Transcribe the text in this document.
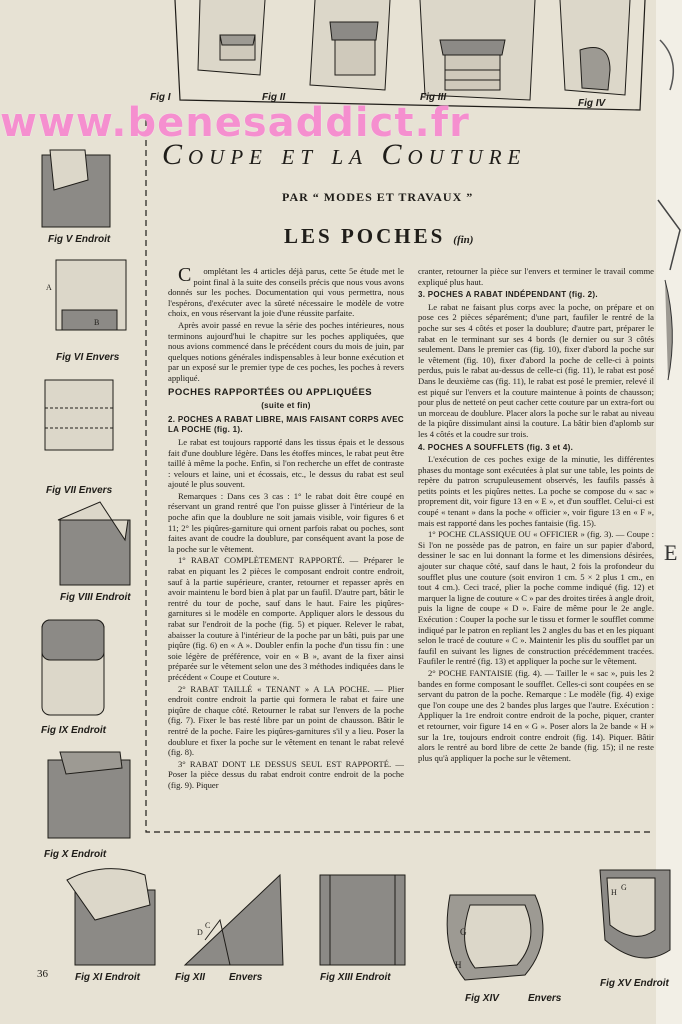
Fig I	Fig II	Fig III
Fig IV
E
A
B
Fig V Endroit
Fig VI Envers
Fig VII Envers
Fig VIII Endroit
Fig IX Endroit
Fig X Endroit
www.benesaddict.fr
Coupe et la Couture
PAR “ MODES ET TRAVAUX ”
LES POCHES (fin)

Complétant les 4 articles déjà parus, cette 5e étude met le point final à la suite des conseils précis que nous vous avons donnés sur les poches. Documentation qui vous permettra, nous l'espérons, d'exécuter avec la sûreté nécessaire le modèle de votre choix, en vous réservant la joie d'une réussite parfaite.

Après avoir passé en revue la série des poches intérieures, nous terminons aujourd'hui le chapitre sur les poches appliquées, que nous avions commencé dans le précédent cours du mois de juin, par quelques notions générales indispensables à leur bonne exécution et par un exposé sur le premier type de ces poches, les poches à revers appliqué.

POCHES RAPPORTÉES OU APPLIQUÉES

(suite et fin)

2. POCHES A RABAT LIBRE, MAIS FAISANT CORPS AVEC LA POCHE (fig. 1).

Le rabat est toujours rapporté dans les tissus épais et le dessous fait d'une doublure légère. Dans les étoffes minces, le rabat peut être taillé à même la poche. Enfin, si l'on recherche un effet de contraste : velours et laine, uni et écossais, etc., le dessus du rabat est seul ajouté le plus souvent.

Remarques : Dans ces 3 cas : 1° le rabat doit être coupé en réservant un grand rentré que l'on puisse glisser à l'intérieur de la poche afin que la doublure ne soit jamais visible, voir figures 6 et 11; 2° les piqûres-garniture qui ornent parfois rabat ou poches, sont faites avant de coudre la doublure, par conséquent avant la pose de la poche sur le vêtement.

1° RABAT COMPLÈTEMENT RAPPORTÉ. — Préparer le rabat en piquant les 2 pièces le composant endroit contre endroit, sauf à la partie supérieure, cranter, retourner et repasser après en avoir maintenu le bord bien à plat par un faufil. D'autre part, bâtir le rentré du tour de poche, sauf dans le haut. Faire les piqûres-garnitures si le modèle en comporte. Appliquer alors le dessous du rabat sur l'endroit de la poche (fig. 5) et piquer. Relever le rabat, abaisser la couture à l'intérieur de la poche par un bâti, puis par une piqûre (fig. 6) en « A ». Doubler enfin la poche d'un tissu fin : une soie légère de préférence, voir en « B », avant de la fixer ainsi préparée sur le vêtement selon une des 3 méthodes indiquées dans le précédent « Coupe et Couture ».

2° RABAT TAILLÉ « TENANT » A LA POCHE. — Plier endroit contre endroit la partie qui formera le rabat et faire une piqûre de chaque côté. Retourner le rabat sur l'envers de la poche (fig. 7). Fixer le bas resté libre par un point de chausson. Bâtir le rentré de la poche. Faire les piqûres-garnitures s'il y a lieu. Poser la doublure et fixer la poche sur le vêtement en tenant le rabat relevé (fig. 8).

3° RABAT DONT LE DESSUS SEUL EST RAPPORTÉ. — Poser la pièce dessus du rabat endroit contre endroit de la poche (fig. 9). Piquer

cranter, retourner la pièce sur l'envers et terminer le travail comme expliqué plus haut.

3. POCHES A RABAT INDÉPENDANT (fig. 2).

Le rabat ne faisant plus corps avec la poche, on prépare et on pose ces 2 pièces séparément; d'une part, faufiler le rentré de la poche sur ses 4 côtés et poser la doublure; d'autre part, préparer le rabat en le terminant sur ses 4 bords (le dernier ou sur 3 côtés seulement. Dans le premier cas (fig. 10), fixer d'abord la poche sur le vêtement (fig. 10), fixer d'abord la poche de celle-ci à points perdus, puis le rabat au-dessus de celle-ci (fig. 11), le rabat est posé Dans le deuxième cas (fig. 11), le rabat est posé le premier, relevé il est piqué sur l'envers et la couture maintenue à points de chausson; pour plus de netteté on peut cacher cette couture par un extra-fort ou un morceau de doublure. Placer alors la poche sur le rabat au niveau de la piqûre dissimulant ainsi la couture. La bâtir bien d'aplomb sur les 4 côtés et la coudre sur trois.

4. POCHES A SOUFFLETS (fig. 3 et 4).

L'exécution de ces poches exige de la minutie, les différentes phases du montage sont exécutées à plat sur une table, les points de repère du patron scrupuleusement observés, les faufils passés à petits points et les piqûres nettes. La poche se compose du « sac » proprement dit, voir figure 13 en « E », et d'un soufflet. Celui-ci est coupé « tenant » dans la poche « officier », voir figure 13 en « F », mais est rapporté dans les poches fantaisie (fig. 15).

1° POCHE CLASSIQUE OU « OFFICIER » (fig. 3). — Coupe : Si l'on ne possède pas de patron, en faire un sur papier d'abord, dessiner le sac en lui donnant la forme et les dimensions désirées, ajouter sur chaque côté, sauf dans le haut, 2 fois la profondeur du soufflet plus une couture (soit environ 1 cm. 5 × 2 plus 1 cm., en tout 4 cm.). Ceci tracé, plier la poche comme indiqué (fig. 12) et marquer la ligne de couture « C » par des droites tirées à angle droit, puis la ligne de coupe « D ». Faire de même pour le 2e angle. Exécution : Couper la poche sur le tissu et former le soufflet comme indiqué par le patron en repliant les 2 angles du bas et en les piquant selon le tracé de couture « C ». Maintenir les plis du soufflet par un faufil en suivant les lignes de construction précédemment tracées. Faufiler le rentré (fig. 13) et appliquer la poche sur le vêtement.

2° POCHE FANTAISIE (fig. 4). — Tailler le « sac », puis les 2 bandes en forme composant le soufflet. Celles-ci sont coupées en se servant du patron de la poche. Remarque : Le modèle (fig. 4) exige que l'on coupe une des 2 bandes plus larges que l'autre. Exécution : Appliquer la 1re endroit contre endroit de la poche, piquer, cranter et retourner, voir figure 14 en « G ». Poser alors la 2e bande « H » sur la 1re, toujours endroit contre endroit (fig. 14). Piquer. Bâtir alors le rentré au bord libre de cette 2e bande (fig. 15); il ne reste plus qu'à appliquer la poche sur le vêtement.

D
C
G
H
H
G
Fig XI Endroit	Fig XII Envers	Fig XIII Endroit
Fig XIV	Envers
Fig XV Endroit
36
